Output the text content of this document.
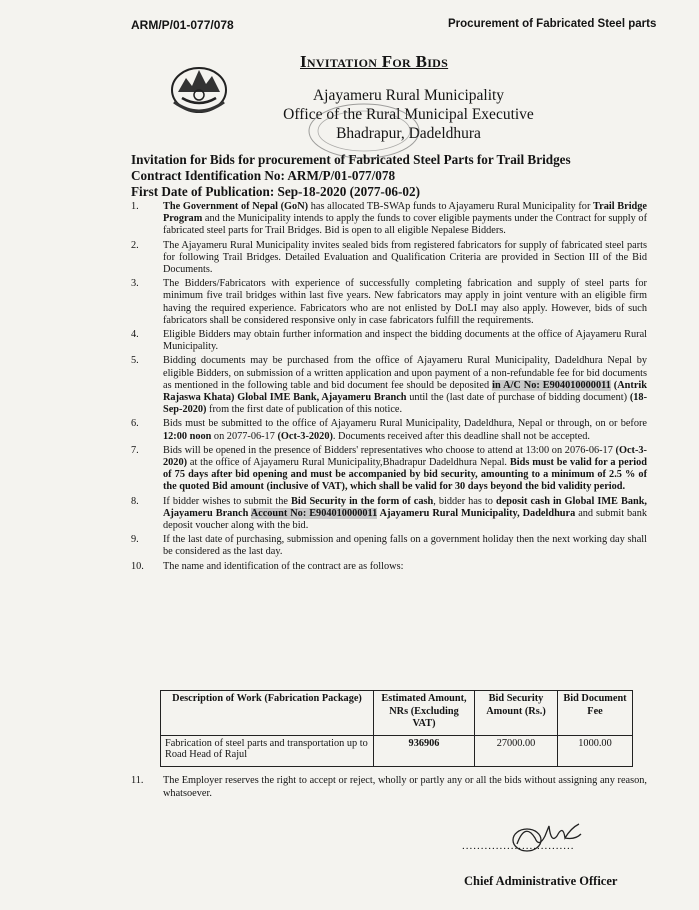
ARM/P/01-077/078	Procurement of Fabricated Steel parts
Invitation For Bids
Ajayameru Rural Municipality
Office of the Rural Municipal Executive
Bhadrapur, Dadeldhura
Invitation for Bids for procurement of Fabricated Steel Parts for Trail Bridges
Contract Identification No: ARM/P/01-077/078
First Date of Publication: Sep-18-2020 (2077-06-02)
1.	The Government of Nepal (GoN) has allocated TB-SWAp funds to Ajayameru Rural Municipality for Trail Bridge Program and the Municipality intends to apply the funds to cover eligible payments under the Contract for supply of fabricated steel parts for Trail Bridges. Bid is open to all eligible Nepalese Bidders.
2.	The Ajayameru Rural Municipality invites sealed bids from registered fabricators for supply of fabricated steel parts for following Trail Bridges. Detailed Evaluation and Qualification Criteria are provided in Section III of the Bid Documents.
3.	The Bidders/Fabricators with experience of successfully completing fabrication and supply of steel parts for minimum five trail bridges within last five years. New fabricators may apply in joint venture with an eligible firm having the required experience. Fabricators who are not enlisted by DoLI may also apply. However, bids of such fabricators shall be considered responsive only in case fabricators fulfill the requirements.
4.	Eligible Bidders may obtain further information and inspect the bidding documents at the office of Ajayameru Rural Municipality.
5.	Bidding documents may be purchased from the office of Ajayameru Rural Municipality, Dadeldhura Nepal by eligible Bidders, on submission of a written application and upon payment of a non-refundable fee for bid documents as mentioned in the following table and bid document fee should be deposited in A/C No: E904010000011 (Antrik Rajaswa Khata) Global IME Bank, Ajayameru Branch until the (last date of purchase of bidding document) (18-Sep-2020) from the first date of publication of this notice.
6.	Bids must be submitted to the office of Ajayameru Rural Municipality, Dadeldhura, Nepal or through, on or before 12:00 noon on 2077-06-17 (Oct-3-2020). Documents received after this deadline shall not be accepted.
7.	Bids will be opened in the presence of Bidders' representatives who choose to attend at 13:00 on 2076-06-17 (Oct-3-2020) at the office of Ajayameru Rural Municipality,Bhadrapur Dadeldhura Nepal. Bids must be valid for a period of 75 days after bid opening and must be accompanied by bid security, amounting to a minimum of 2.5 % of the quoted Bid amount (inclusive of VAT), which shall be valid for 30 days beyond the bid validity period.
8.	If bidder wishes to submit the Bid Security in the form of cash, bidder has to deposit cash in Global IME Bank, Ajayameru Branch Account No: E904010000011 Ajayameru Rural Municipality, Dadeldhura and submit bank deposit voucher along with the bid.
9.	If the last date of purchasing, submission and opening falls on a government holiday then the next working day shall be considered as the last day.
10.	The name and identification of the contract are as follows:
Description of Work (Fabrication Package)	Estimated Amount, NRs (Excluding VAT)	Bid Security Amount (Rs.)	Bid Document Fee
Fabrication of steel parts and transportation up to Road Head of Rajul	936906	27000.00	1000.00
11.	The Employer reserves the right to accept or reject, wholly or partly any or all the bids without assigning any reason, whatsoever.
..............................
Chief Administrative Officer
